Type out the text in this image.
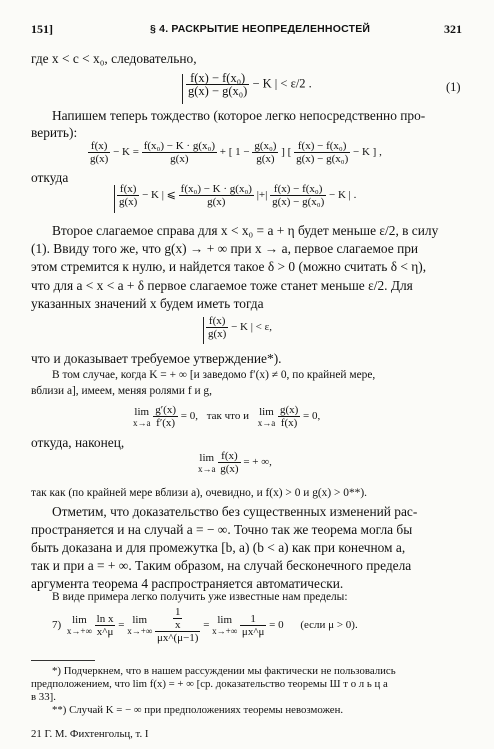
151]	§ 4. РАСКРЫТИЕ НЕОПРЕДЕЛЕННОСТЕЙ	321
где x < c < x₀, следовательно,
$\frac{\text{f(x) − f(x₀)}}{\text{g(x) − g(x₀)}} - K$ | < ε/2 .	(1)
Напишем теперь тождество (которое легко непосредственно про-
верить):
$\frac{f(x)}{g(x)} - K = \frac{\text{f(x₀) − K · g(x₀)}}{g(x)}$ + [ $1 - \frac{\text{g(x₀)}}{g(x)}$ ] [ $\frac{\text{f(x) − f(x₀)}}{\text{g(x) − g(x₀)}} - K$ ] ,
откуда
$\frac{f(x)}{g(x)} - K$ | ⩽ $\frac{\text{f(x₀) − K · g(x₀)}}{g(x)}$ |+| $\frac{\text{f(x) − f(x₀)}}{\text{g(x) − g(x₀)}} - K$ | .
Второе слагаемое справа для x < x₀ = a + η будет меньше ε/2, в силу
(1). Ввиду того же, что g(x) → + ∞ при x → a, первое слагаемое при
этом стремится к нулю, и найдется такое δ > 0 (можно считать δ < η),
что для a < x < a + δ первое слагаемое тоже станет меньше ε/2. Для
указанных значений x будем иметь тогда
$\frac{f(x)}{g(x)} - K$ | < ε,
что и доказывает требуемое утверждение*).
В том случае, когда K = + ∞ [и заведомо f′(x) ≠ 0, по крайней мере,
вблизи a], имеем, меняя ролями f и g,
lim
x→a
$\frac{g'(x)}{f'(x)} = 0$, так что и lim
x→a
$\frac{g(x)}{f(x)} = 0$,
откуда, наконец,
lim
x→a
$\frac{f(x)}{g(x)}$ = + ∞,
так как (по крайней мере вблизи a), очевидно, и f(x) > 0 и g(x) > 0**).
Отметим, что доказательство без существенных изменений рас-
пространяется и на случай a = − ∞. Точно так же теорема могла бы
быть доказана и для промежутка [b, a) (b < a) как при конечном a,
так и при a = + ∞. Таким образом, на случай бесконечного предела
аргумента теорема 4 распространяется автоматически.
В виде примера легко получить уже известные нам пределы:
7) lim
x→+∞
$\frac{\text{ln x}}{x\^{}\mu} = \lim$
x→+∞
$\frac{\frac{1}{x}}{\mu x\^{}(\mu-1)} = \lim$
x→+∞
$\frac{1}{\mu x\^{}\mu} = 0$ (если μ > 0).
*) Подчеркнем, что в нашем рассуждении мы фактически не пользовались
предположением, что lim f(x) = + ∞ [ср. доказательство теоремы Ш т о л ь ц а
в 33].
**) Случай K = − ∞ при предположениях теоремы невозможен.
21 Г. М. Фихтенгольц, т. I
